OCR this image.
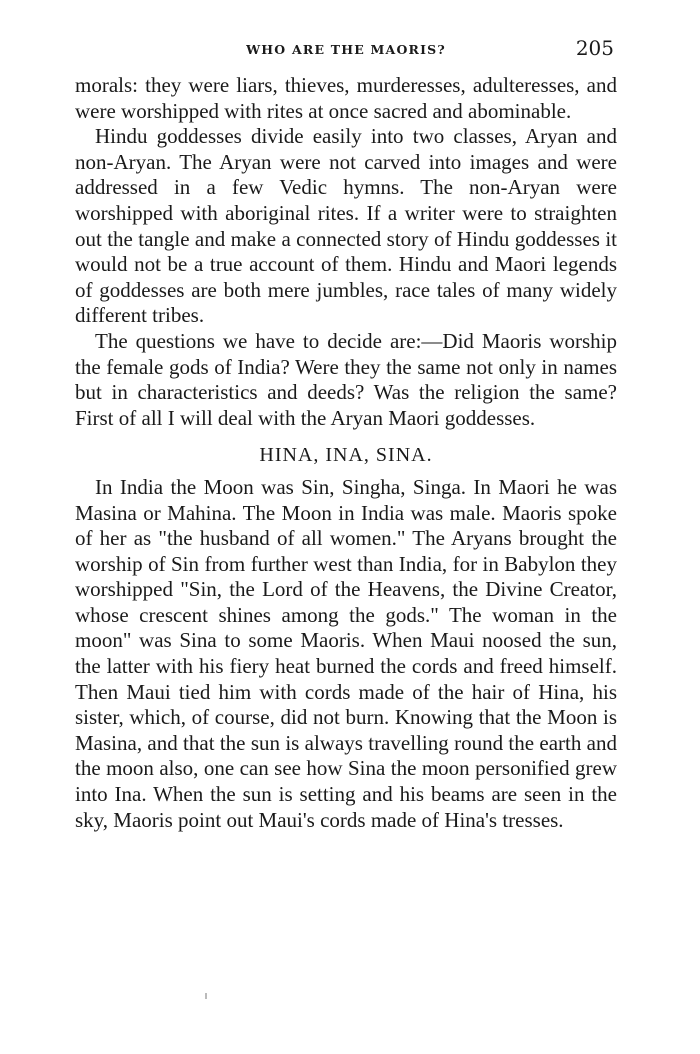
WHO ARE THE MAORIS?	205

morals: they were liars, thieves, murderesses, adulteresses, and were worshipped with rites at once sacred and abominable.

Hindu goddesses divide easily into two classes, Aryan and non-Aryan. The Aryan were not carved into images and were addressed in a few Vedic hymns. The non-Aryan were worshipped with aboriginal rites. If a writer were to straighten out the tangle and make a connected story of Hindu goddesses it would not be a true account of them. Hindu and Maori legends of goddesses are both mere jumbles, race tales of many widely different tribes.

The questions we have to decide are:—Did Maoris worship the female gods of India? Were they the same not only in names but in characteristics and deeds? Was the religion the same? First of all I will deal with the Aryan Maori goddesses.

HINA, INA, SINA.

In India the Moon was Sin, Singha, Singa. In Maori he was Masina or Mahina. The Moon in India was male. Maoris spoke of her as "the husband of all women." The Aryans brought the worship of Sin from further west than India, for in Babylon they worshipped "Sin, the Lord of the Heavens, the Divine Creator, whose crescent shines among the gods." The woman in the moon" was Sina to some Maoris. When Maui noosed the sun, the latter with his fiery heat burned the cords and freed himself. Then Maui tied him with cords made of the hair of Hina, his sister, which, of course, did not burn. Knowing that the Moon is Masina, and that the sun is always travelling round the earth and the moon also, one can see how Sina the moon personified grew into Ina. When the sun is setting and his beams are seen in the sky, Maoris point out Maui's cords made of Hina's tresses.
